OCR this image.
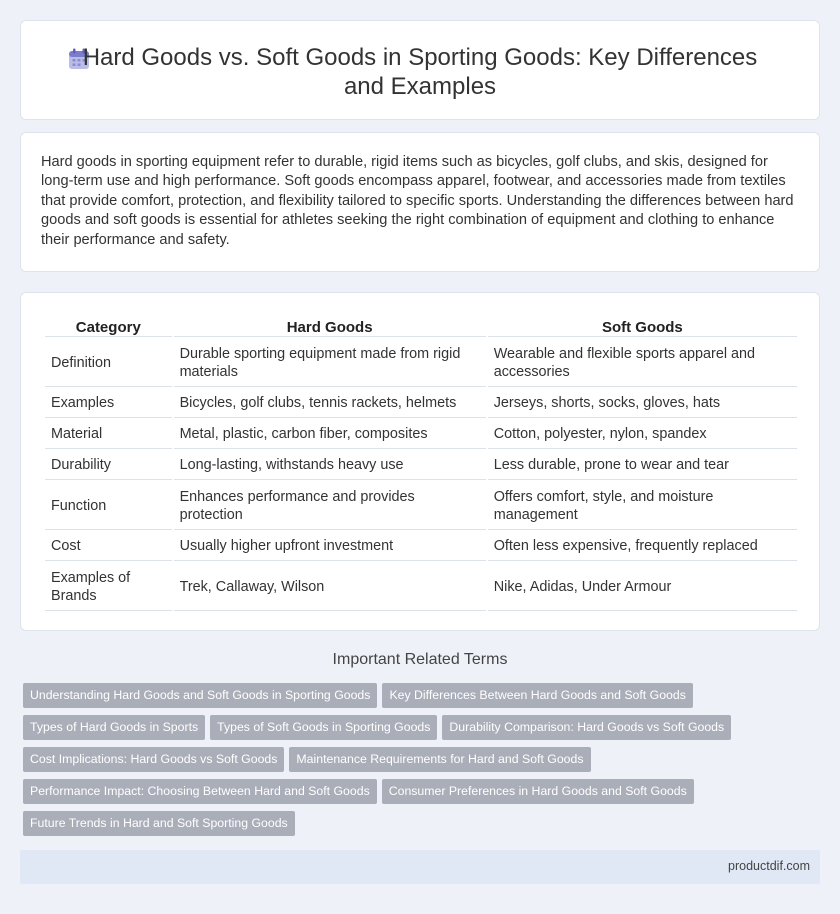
Hard Goods vs. Soft Goods in Sporting Goods: Key Differences
and Examples

Hard goods in sporting equipment refer to durable, rigid items such as bicycles, golf clubs, and skis, designed for long-term use and high performance. Soft goods encompass apparel, footwear, and accessories made from textiles that provide comfort, protection, and flexibility tailored to specific sports. Understanding the differences between hard goods and soft goods is essential for athletes seeking the right combination of equipment and clothing to enhance their performance and safety.

Category	Hard Goods	Soft Goods
Definition	Durable sporting equipment made from rigid materials	Wearable and flexible sports apparel and accessories
Examples	Bicycles, golf clubs, tennis rackets, helmets	Jerseys, shorts, socks, gloves, hats
Material	Metal, plastic, carbon fiber, composites	Cotton, polyester, nylon, spandex
Durability	Long-lasting, withstands heavy use	Less durable, prone to wear and tear
Function	Enhances performance and provides protection	Offers comfort, style, and moisture management
Cost	Usually higher upfront investment	Often less expensive, frequently replaced
Examples of Brands	Trek, Callaway, Wilson	Nike, Adidas, Under Armour
Important Related Terms
Understanding Hard Goods and Soft Goods in Sporting Goods Key Differences Between Hard Goods and Soft Goods
Types of Hard Goods in Sports Types of Soft Goods in Sporting Goods Durability Comparison: Hard Goods vs Soft Goods
Cost Implications: Hard Goods vs Soft Goods Maintenance Requirements for Hard and Soft Goods
Performance Impact: Choosing Between Hard and Soft Goods Consumer Preferences in Hard Goods and Soft Goods
Future Trends in Hard and Soft Sporting Goods
productdif.com
